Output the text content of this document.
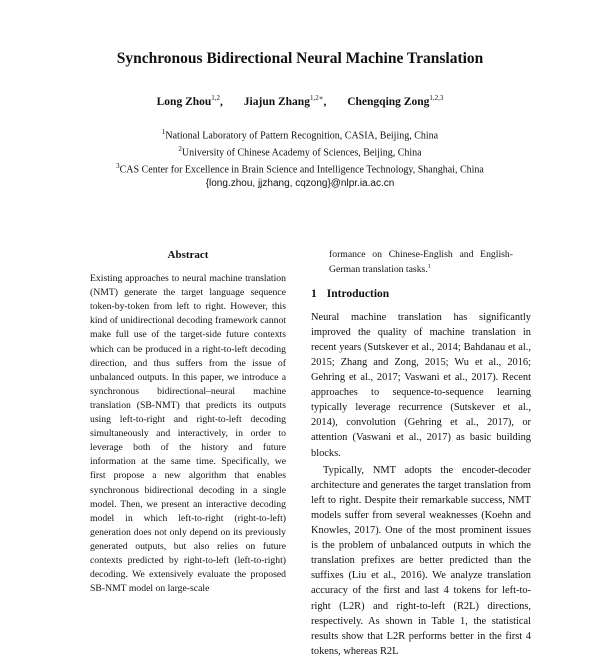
Synchronous Bidirectional Neural Machine Translation
Long Zhou$^{1,2}$, Jiajun Zhang$^{1,2∗}$, Chengqing Zong$^{1,2,3}$
$^1$National Laboratory of Pattern Recognition, CASIA, Beijing, China
$^2$University of Chinese Academy of Sciences, Beijing, China
$^3$CAS Center for Excellence in Brain Science and Intelligence Technology, Shanghai, China
{long.zhou, jjzhang, cqzong}@nlpr.ia.ac.cn
Abstract

Existing approaches to neural machine translation (NMT) generate the target language sequence token-by-token from left to right. However, this kind of unidirectional decoding framework cannot make full use of the target-side future contexts which can be produced in a right-to-left decoding direction, and thus suffers from the issue of unbalanced outputs. In this paper, we introduce a synchronous bidirectional–neural machine translation (SB-NMT) that predicts its outputs using left-to-right and right-to-left decoding simultaneously and interactively, in order to leverage both of the history and future information at the same time. Specifically, we first propose a new algorithm that enables synchronous bidirectional decoding in a single model. Then, we present an interactive decoding model in which left-to-right (right-to-left) generation does not only depend on its previously generated outputs, but also relies on future contexts predicted by right-to-left (left-to-right) decoding. We extensively evaluate the proposed SB-NMT model on large-scale

formance on Chinese-English and English-German translation tasks.$^1$

1 Introduction

Neural machine translation has significantly improved the quality of machine translation in recent years (Sutskever et al., 2014; Bahdanau et al., 2015; Zhang and Zong, 2015; Wu et al., 2016; Gehring et al., 2017; Vaswani et al., 2017). Recent approaches to sequence-to-sequence learning typically leverage recurrence (Sutskever et al., 2014), convolution (Gehring et al., 2017), or attention (Vaswani et al., 2017) as basic building blocks.

Typically, NMT adopts the encoder-decoder architecture and generates the target translation from left to right. Despite their remarkable success, NMT models suffer from several weaknesses (Koehn and Knowles, 2017). One of the most prominent issues is the problem of unbalanced outputs in which the translation prefixes are better predicted than the suffixes (Liu et al., 2016). We analyze translation accuracy of the first and last 4 tokens for left-to-right (L2R) and right-to-left (R2L) directions, respectively. As shown in Table 1, the statistical results show that L2R performs better in the first 4 tokens, whereas R2L
